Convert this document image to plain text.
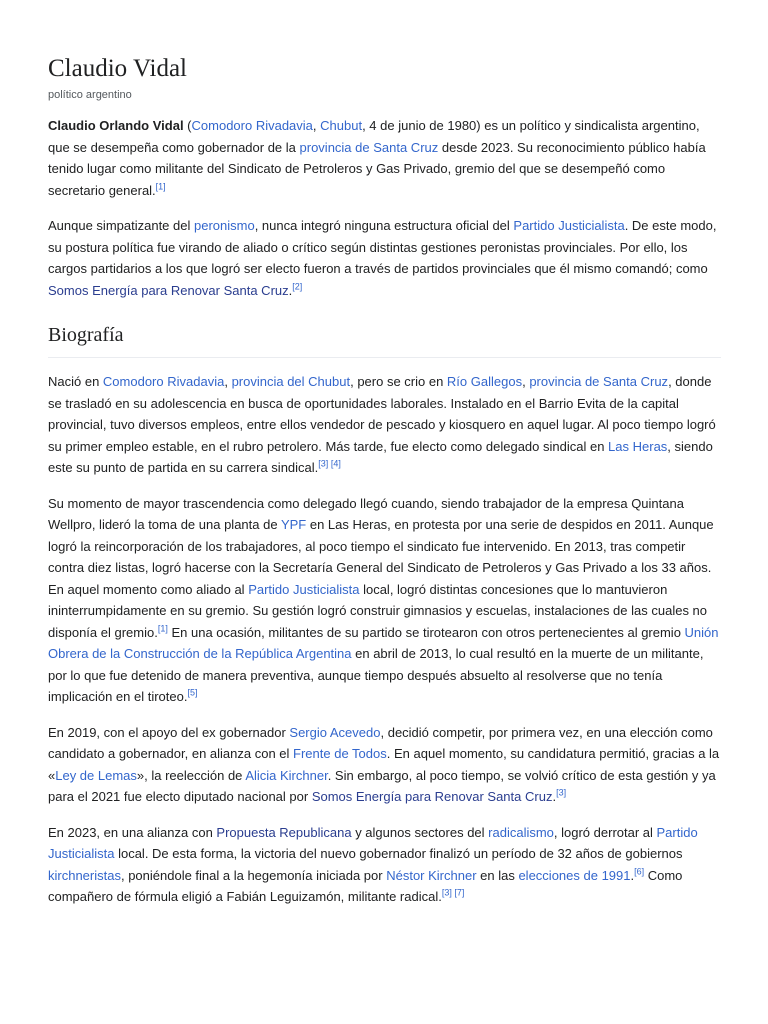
Claudio Vidal
político argentino

Claudio Orlando Vidal (Comodoro Rivadavia, Chubut, 4 de junio de 1980) es un político y sindicalista argentino, que se desempeña como gobernador de la provincia de Santa Cruz desde 2023. Su reconocimiento público había tenido lugar como militante del Sindicato de Petroleros y Gas Privado, gremio del que se desempeñó como secretario general.[1]

Aunque simpatizante del peronismo, nunca integró ninguna estructura oficial del Partido Justicialista. De este modo, su postura política fue virando de aliado o crítico según distintas gestiones peronistas provinciales. Por ello, los cargos partidarios a los que logró ser electo fueron a través de partidos provinciales que él mismo comandó; como Somos Energía para Renovar Santa Cruz.[2]

Biografía

Nació en Comodoro Rivadavia, provincia del Chubut, pero se crio en Río Gallegos, provincia de Santa Cruz, donde se trasladó en su adolescencia en busca de oportunidades laborales. Instalado en el Barrio Evita de la capital provincial, tuvo diversos empleos, entre ellos vendedor de pescado y kiosquero en aquel lugar. Al poco tiempo logró su primer empleo estable, en el rubro petrolero. Más tarde, fue electo como delegado sindical en Las Heras, siendo este su punto de partida en su carrera sindical.[3] [4]

Su momento de mayor trascendencia como delegado llegó cuando, siendo trabajador de la empresa Quintana Wellpro, lideró la toma de una planta de YPF en Las Heras, en protesta por una serie de despidos en 2011. Aunque logró la reincorporación de los trabajadores, al poco tiempo el sindicato fue intervenido. En 2013, tras competir contra diez listas, logró hacerse con la Secretaría General del Sindicato de Petroleros y Gas Privado a los 33 años. En aquel momento como aliado al Partido Justicialista local, logró distintas concesiones que lo mantuvieron ininterrumpidamente en su gremio. Su gestión logró construir gimnasios y escuelas, instalaciones de las cuales no disponía el gremio.[1] En una ocasión, militantes de su partido se tirotearon con otros pertenecientes al gremio Unión Obrera de la Construcción de la República Argentina en abril de 2013, lo cual resultó en la muerte de un militante, por lo que fue detenido de manera preventiva, aunque tiempo después absuelto al resolverse que no tenía implicación en el tiroteo.[5]

En 2019, con el apoyo del ex gobernador Sergio Acevedo, decidió competir, por primera vez, en una elección como candidato a gobernador, en alianza con el Frente de Todos. En aquel momento, su candidatura permitió, gracias a la «Ley de Lemas», la reelección de Alicia Kirchner. Sin embargo, al poco tiempo, se volvió crítico de esta gestión y ya para el 2021 fue electo diputado nacional por Somos Energía para Renovar Santa Cruz.[3]

En 2023, en una alianza con Propuesta Republicana y algunos sectores del radicalismo, logró derrotar al Partido Justicialista local. De esta forma, la victoria del nuevo gobernador finalizó un período de 32 años de gobiernos kirchneristas, poniéndole final a la hegemonía iniciada por Néstor Kirchner en las elecciones de 1991.[6] Como compañero de fórmula eligió a Fabián Leguizamón, militante radical.[3] [7]
